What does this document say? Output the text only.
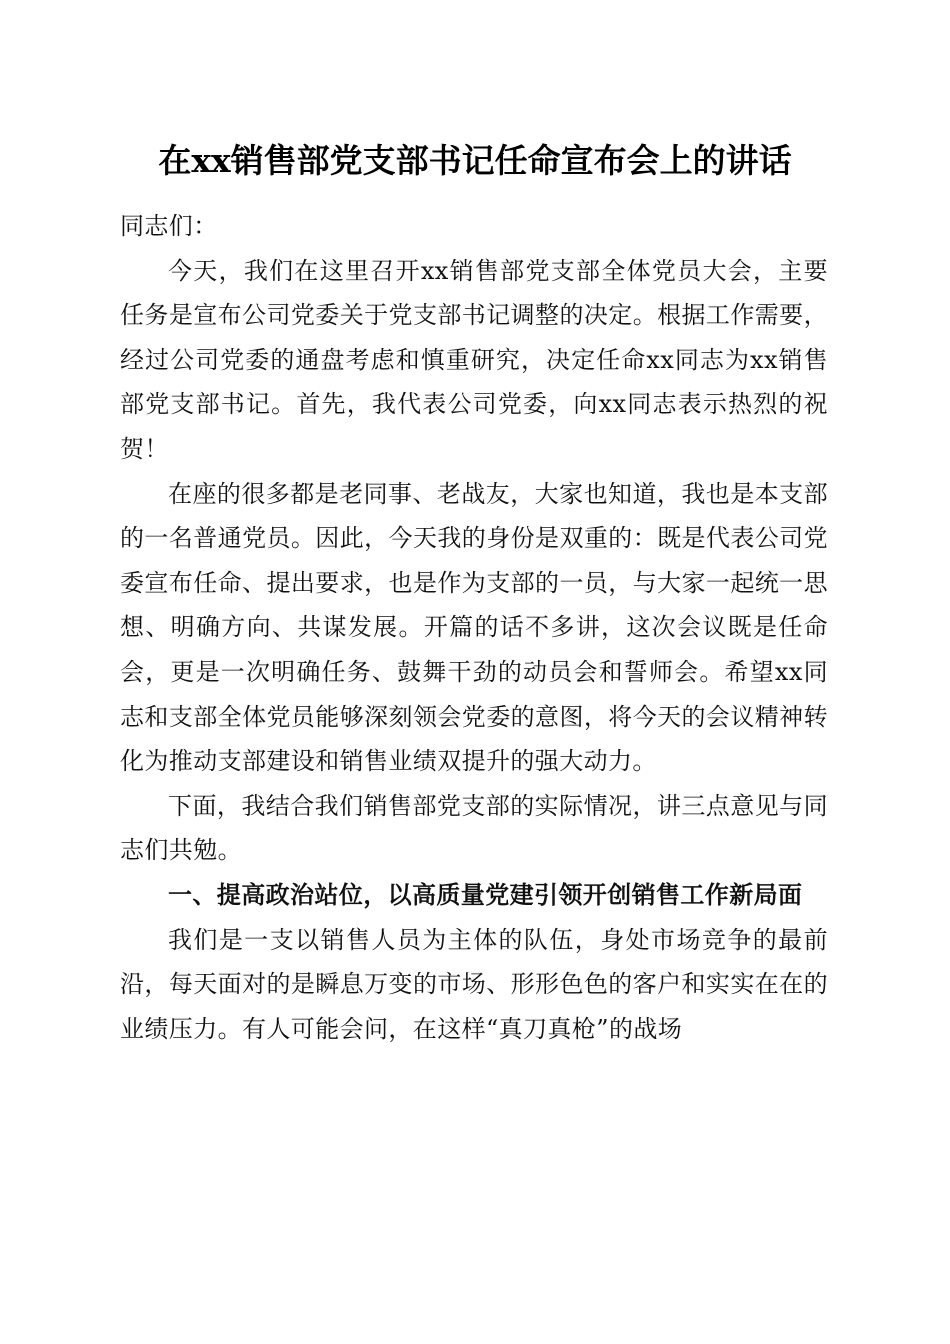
在xx销售部党支部书记任命宣布会上的讲话

同志们：

今天，我们在这里召开xx销售部党支部全体党员大会，主要任务是宣布公司党委关于党支部书记调整的决定。根据工作需要，经过公司党委的通盘考虑和慎重研究，决定任命xx同志为xx销售部党支部书记。首先，我代表公司党委，向xx同志表示热烈的祝贺！

在座的很多都是老同事、老战友，大家也知道，我也是本支部的一名普通党员。因此，今天我的身份是双重的：既是代表公司党委宣布任命、提出要求，也是作为支部的一员，与大家一起统一思想、明确方向、共谋发展。开篇的话不多讲，这次会议既是任命会，更是一次明确任务、鼓舞干劲的动员会和誓师会。希望xx同志和支部全体党员能够深刻领会党委的意图，将今天的会议精神转化为推动支部建设和销售业绩双提升的强大动力。

下面，我结合我们销售部党支部的实际情况，讲三点意见与同志们共勉。

一、提高政治站位，以高质量党建引领开创销售工作新局面

我们是一支以销售人员为主体的队伍，身处市场竞争的最前沿，每天面对的是瞬息万变的市场、形形色色的客户和实实在在的业绩压力。有人可能会问，在这样“真刀真枪”的战场
